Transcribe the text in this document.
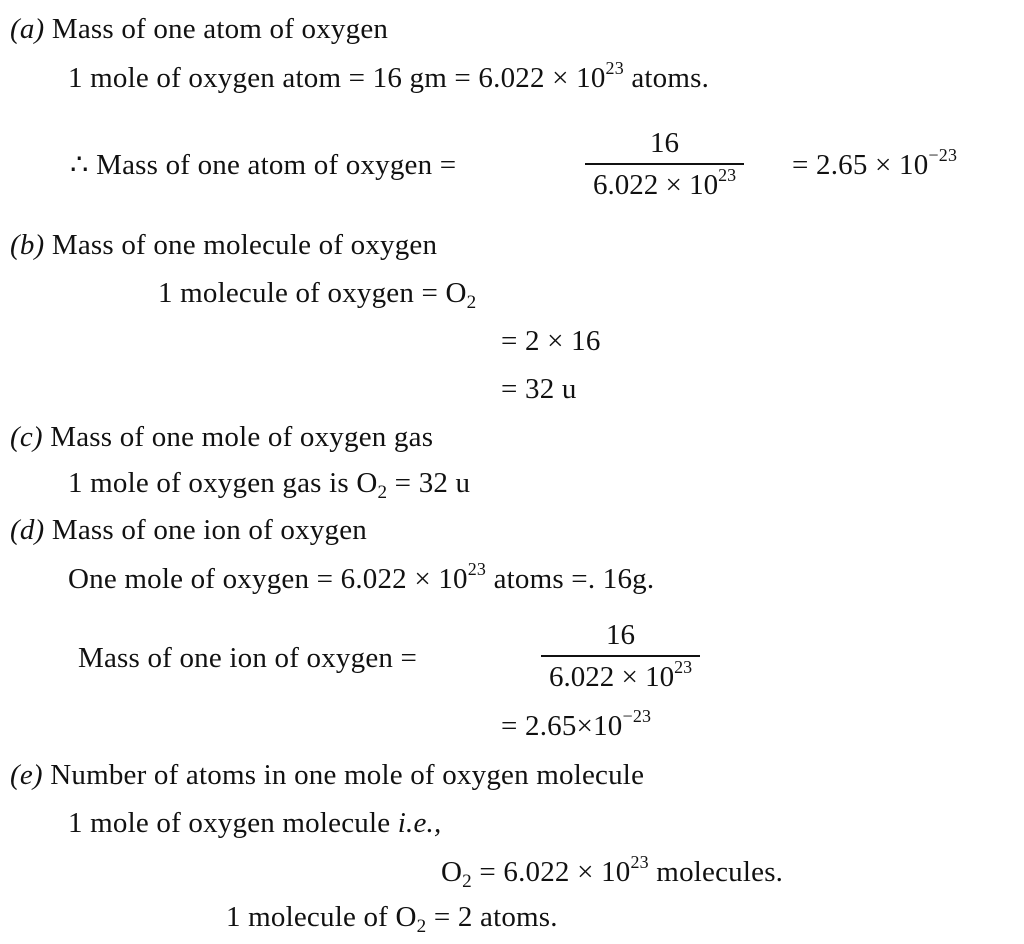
(a) Mass of one atom of oxygen
1 mole of oxygen atom = 16 gm = $6.022 \times 10^{23}$ atoms.
∴ Mass of one atom of oxygen =
16
$6.022 \times 10^{23} = 2.65 \times 10^{-23}$
(b) Mass of one molecule of oxygen
1 molecule of oxygen = $O_2$
= 2 × 16
= 32 u
(c) Mass of one mole of oxygen gas
1 mole of oxygen gas is $O_2 = 32$ u
(d) Mass of one ion of oxygen
One mole of oxygen = $6.022 \times 10^{23}$ atoms =. 16g.
Mass of one ion of oxygen =
16
$6.022 \times 10^{23}$
= $2.65\times 10^{-23}$
(e) Number of atoms in one mole of oxygen molecule
1 mole of oxygen molecule i.e.,
$O_2 = 6.022 \times 10^{23}$ molecules.
1 molecule of $O_2 = 2$ atoms.
